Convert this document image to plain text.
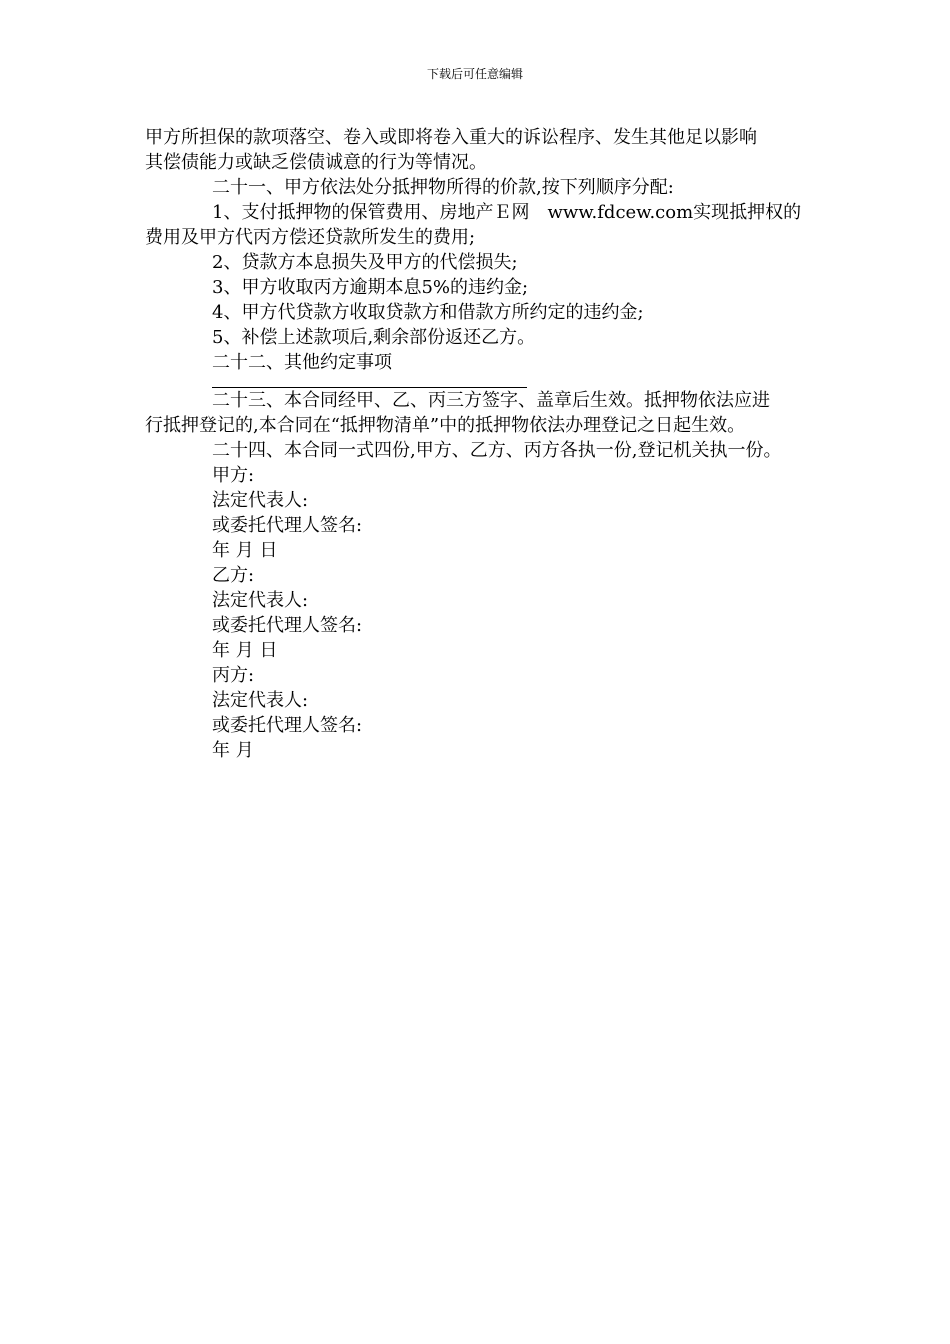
下载后可任意编辑

甲方所担保的款项落空、卷入或即将卷入重大的诉讼程序、发生其他足以影响

其偿债能力或缺乏偿债诚意的行为等情况。

二十一、甲方依法处分抵押物所得的价款,按下列顺序分配:

1、支付抵押物的保管费用、房地产Ｅ网　www.fdcew.com实现抵押权的

费用及甲方代丙方偿还贷款所发生的费用;

2、贷款方本息损失及甲方的代偿损失;

3、甲方收取丙方逾期本息5%的违约金;

4、甲方代贷款方收取贷款方和借款方所约定的违约金;

5、补偿上述款项后,剩余部份返还乙方。

二十二、其他约定事项

二十三、本合同经甲、乙、丙三方签字、盖章后生效。抵押物依法应进

行抵押登记的,本合同在“抵押物清单”中的抵押物依法办理登记之日起生效。

二十四、本合同一式四份,甲方、乙方、丙方各执一份,登记机关执一份。

甲方:

法定代表人:

或委托代理人签名:

年 月 日

乙方:

法定代表人:

或委托代理人签名:

年 月 日

丙方:

法定代表人:

或委托代理人签名:

年 月
